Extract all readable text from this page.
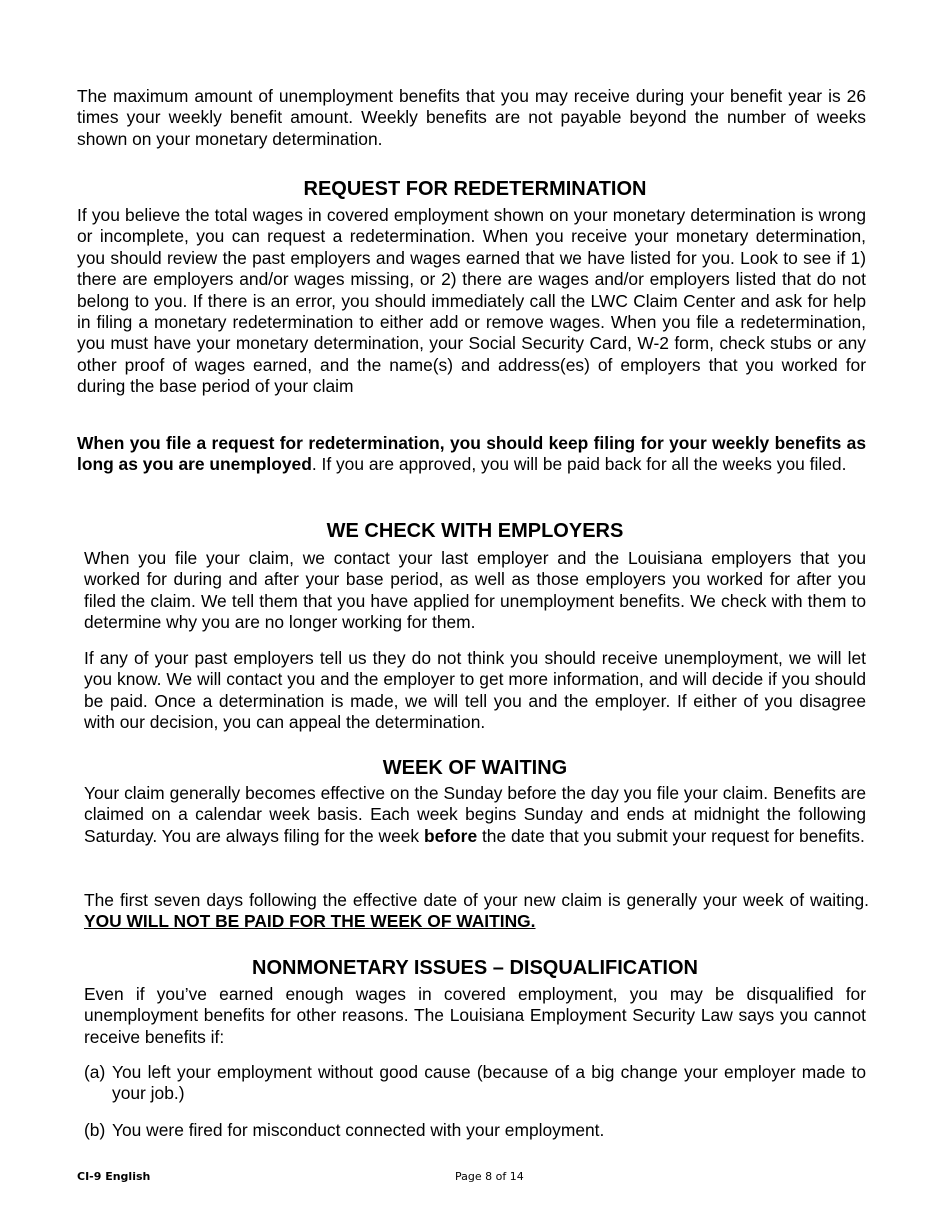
The maximum amount of unemployment benefits that you may receive during your benefit year is 26 times your weekly benefit amount. Weekly benefits are not payable beyond the number of weeks shown on your monetary determination.

REQUEST FOR REDETERMINATION

If you believe the total wages in covered employment shown on your monetary determination is wrong or incomplete, you can request a redetermination. When you receive your monetary determination, you should review the past employers and wages earned that we have listed for you. Look to see if 1) there are employers and/or wages missing, or 2) there are wages and/or employers listed that do not belong to you. If there is an error, you should immediately call the LWC Claim Center and ask for help in filing a monetary redetermination to either add or remove wages. When you file a redetermination, you must have your monetary determination, your Social Security Card, W-2 form, check stubs or any other proof of wages earned, and the name(s) and address(es) of employers that you worked for during the base period of your claim

When you file a request for redetermination, you should keep filing for your weekly benefits as long as you are unemployed. If you are approved, you will be paid back for all the weeks you filed.

WE CHECK WITH EMPLOYERS

When you file your claim, we contact your last employer and the Louisiana employers that you worked for during and after your base period, as well as those employers you worked for after you filed the claim. We tell them that you have applied for unemployment benefits. We check with them to determine why you are no longer working for them.

If any of your past employers tell us they do not think you should receive unemployment, we will let you know. We will contact you and the employer to get more information, and will decide if you should be paid. Once a determination is made, we will tell you and the employer. If either of you disagree with our decision, you can appeal the determination.

WEEK OF WAITING

Your claim generally becomes effective on the Sunday before the day you file your claim. Benefits are claimed on a calendar week basis. Each week begins Sunday and ends at midnight the following Saturday. You are always filing for the week before the date that you submit your request for benefits.

The first seven days following the effective date of your new claim is generally your week of waiting. YOU WILL NOT BE PAID FOR THE WEEK OF WAITING.

NONMONETARY ISSUES – DISQUALIFICATION

Even if you’ve earned enough wages in covered employment, you may be disqualified for unemployment benefits for other reasons. The Louisiana Employment Security Law says you cannot receive benefits if:

(a) You left your employment without good cause (because of a big change your employer made to your job.)

(b) You were fired for misconduct connected with your employment.

CI-9 English	Page 8 of 14
